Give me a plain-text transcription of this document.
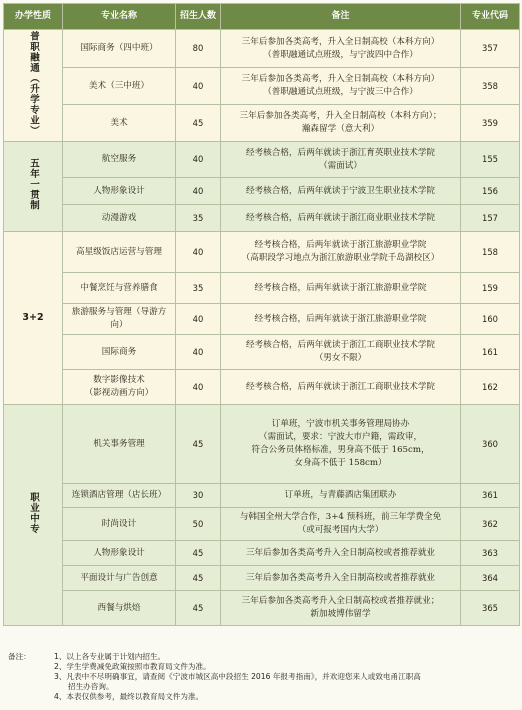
办学性质	专业名称	招生人数	备注	专业代码
普职融通（升学专业）	国际商务（四中班）	80	三年后参加各类高考，升入全日制高校（本科方向）
（普职融通试点班级，与宁波四中合作）	357

	美术（三中班）	40	三年后参加各类高考，升入全日制高校（本科方向）
（普职融通试点班级，与宁波三中合作）	358

	美术	45	三年后参加各类高考，升入全日制高校（本科方向）；
瀚森留学（意大利）	359
五年一贯制	航空服务	40	经考核合格，后两年就读于浙江育英职业技术学院
（需面试）	155

	人物形象设计	40	经考核合格，后两年就读于宁波卫生职业技术学院	156

	动漫游戏	35	经考核合格，后两年就读于浙江商业职业技术学院	157
3+2	高星级饭店运营与管理	40	经考核合格，后两年就读于浙江旅游职业学院
（高职段学习地点为浙江旅游职业学院千岛湖校区）	158

	中餐烹饪与营养膳食	35	经考核合格，后两年就读于浙江旅游职业学院	159

	旅游服务与管理（导游方向）	40	经考核合格，后两年就读于浙江旅游职业学院	160

	国际商务	40	经考核合格，后两年就读于浙江工商职业技术学院
（男女不限）	161

	数字影像技术
（影视动画方向）	40	经考核合格，后两年就读于浙江工商职业技术学院	162
职业中专	机关事务管理	45	订单班，宁波市机关事务管理局协办
（需面试，要求：宁波大市户籍，需政审，
符合公务员体格标准，男身高不低于 165cm，
女身高不低于 158cm）	360

	连锁酒店管理（店长班）	30	订单班，与青藤酒店集团联办	361

	时尚设计	50	与韩国全州大学合作，3+4 预科班，前三年学费全免
（或可报考国内大学）	362

	人物形象设计	45	三年后参加各类高考升入全日制高校或者推荐就业	363

	平面设计与广告创意	45	三年后参加各类高考升入全日制高校或者推荐就业	364

	西餐与烘焙	45	三年后参加各类高考升入全日制高校或者推荐就业；
新加坡博伟留学	365
备注：	1、以上各专业属于计划内招生。
2、学生学费减免政策按照市教育局文件为准。
3、凡表中不尽明确事宜，请查阅《宁波市城区高中段招生 2016 年报考指南》，并欢迎您来人或致电甬江职高
招生办咨询。
4、本表仅供参考，最终以教育局文件为准。
